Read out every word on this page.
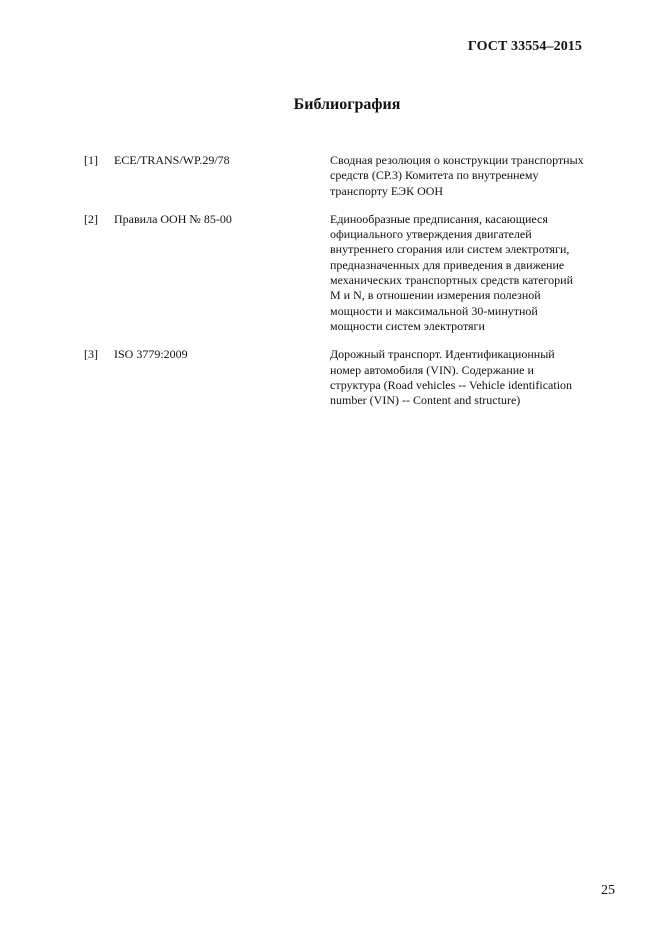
ГОСТ 33554–2015
Библиография
[1] ECE/TRANS/WP.29/78	Сводная резолюция о конструкции транспортных
средств (СР.3) Комитета по внутреннему
транспорту ЕЭК ООН
[2] Правила ООН № 85-00	Единообразные предписания, касающиеся
официального утверждения двигателей
внутреннего сгорания или систем электротяги,
предназначенных для приведения в движение
механических транспортных средств категорий
M и N, в отношении измерения полезной
мощности и максимальной 30-минутной
мощности систем электротяги
[3] ISO 3779:2009	Дорожный транспорт. Идентификационный
номер автомобиля (VIN). Содержание и
структура (Road vehicles -- Vehicle identification
number (VIN) -- Content and structure)
25
